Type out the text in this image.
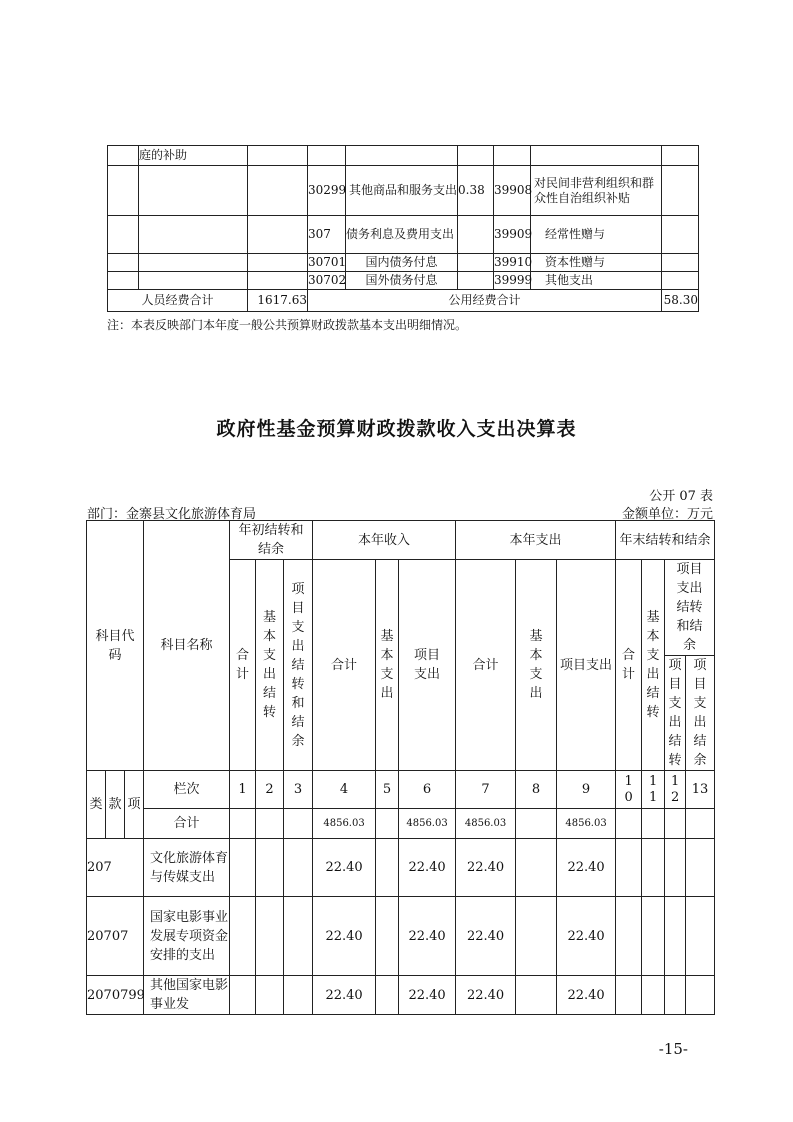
	庭的补助							
			30299	其他商品和服务支出	0.38	39908	对民间非营利组织和群众性自治组织补贴	
			307	债务利息及费用支出		39909	经常性赠与	
			30701	国内债务付息		39910	资本性赠与	
			30702	国外债务付息		39999	其他支出	
人员经费合计		1617.63	公用经费合计					58.30
注：本表反映部门本年度一般公共预算财政拨款基本支出明细情况。
政府性基金预算财政拨款收入支出决算表
公开 07 表
部门：金寨县文化旅游体育局	金额单位：万元
科目代码			科目名称	年初结转和结余			本年收入			本年支出			年末结转和结余			

				合计	基本支出结转	项目支出结转和结余	合计	基本支出	项目支出	合计	基本支出	项目支出	合计	基本支出结转	项目支出结转和结余	

															项目支出结转	项目支出结余

类	款	项	栏次	1	2	3	4	5	6	7	8	9	10	11	12	13
			合计				4856.03		4856.03	4856.03		4856.03				
207			文化旅游体育与传媒支出				22.40		22.40	22.40		22.40				
20707			国家电影事业发展专项资金安排的支出				22.40		22.40	22.40		22.40				
2070799			其他国家电影事业发				22.40		22.40	22.40		22.40				
-15-
